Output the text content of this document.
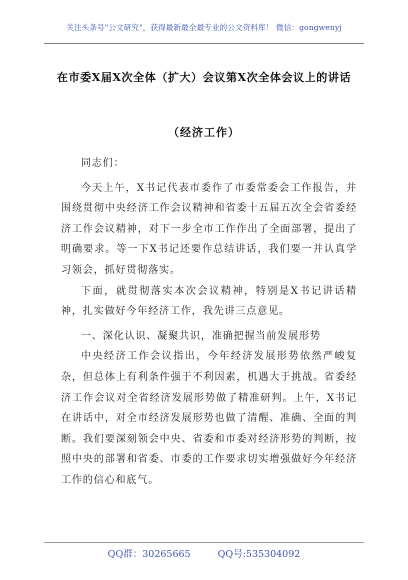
关注头条号"公文研究"，获得最新最全最专业的公文资料库！ 微信：gongwenyj
在市委X届X次全体（扩大）会议第X次全体会议上的讲话
（经济工作）

同志们：

今天上午，X书记代表市委作了市委常委会工作报告，并围绕贯彻中央经济工作会议精神和省委十五届五次全会省委经济工作会议精神，对下一步全市工作作出了全面部署，提出了明确要求。等一下X书记还要作总结讲话，我们要一并认真学习领会，抓好贯彻落实。

下面，就贯彻落实本次会议精神，特别是X书记讲话精神，扎实做好今年经济工作，我先讲三点意见。

一、深化认识、凝聚共识，准确把握当前发展形势

中央经济工作会议指出，今年经济发展形势依然严峻复杂，但总体上有利条件强于不利因素，机遇大于挑战。省委经济工作会议对全省经济发展形势做了精准研判。上午，X书记在讲话中，对全市经济发展形势也做了清醒、准确、全面的判断。我们要深刻领会中央、省委和市委对经济形势的判断，按照中央的部署和省委、市委的工作要求切实增强做好今年经济工作的信心和底气。

QQ群：30265665	QQ号:535304092
